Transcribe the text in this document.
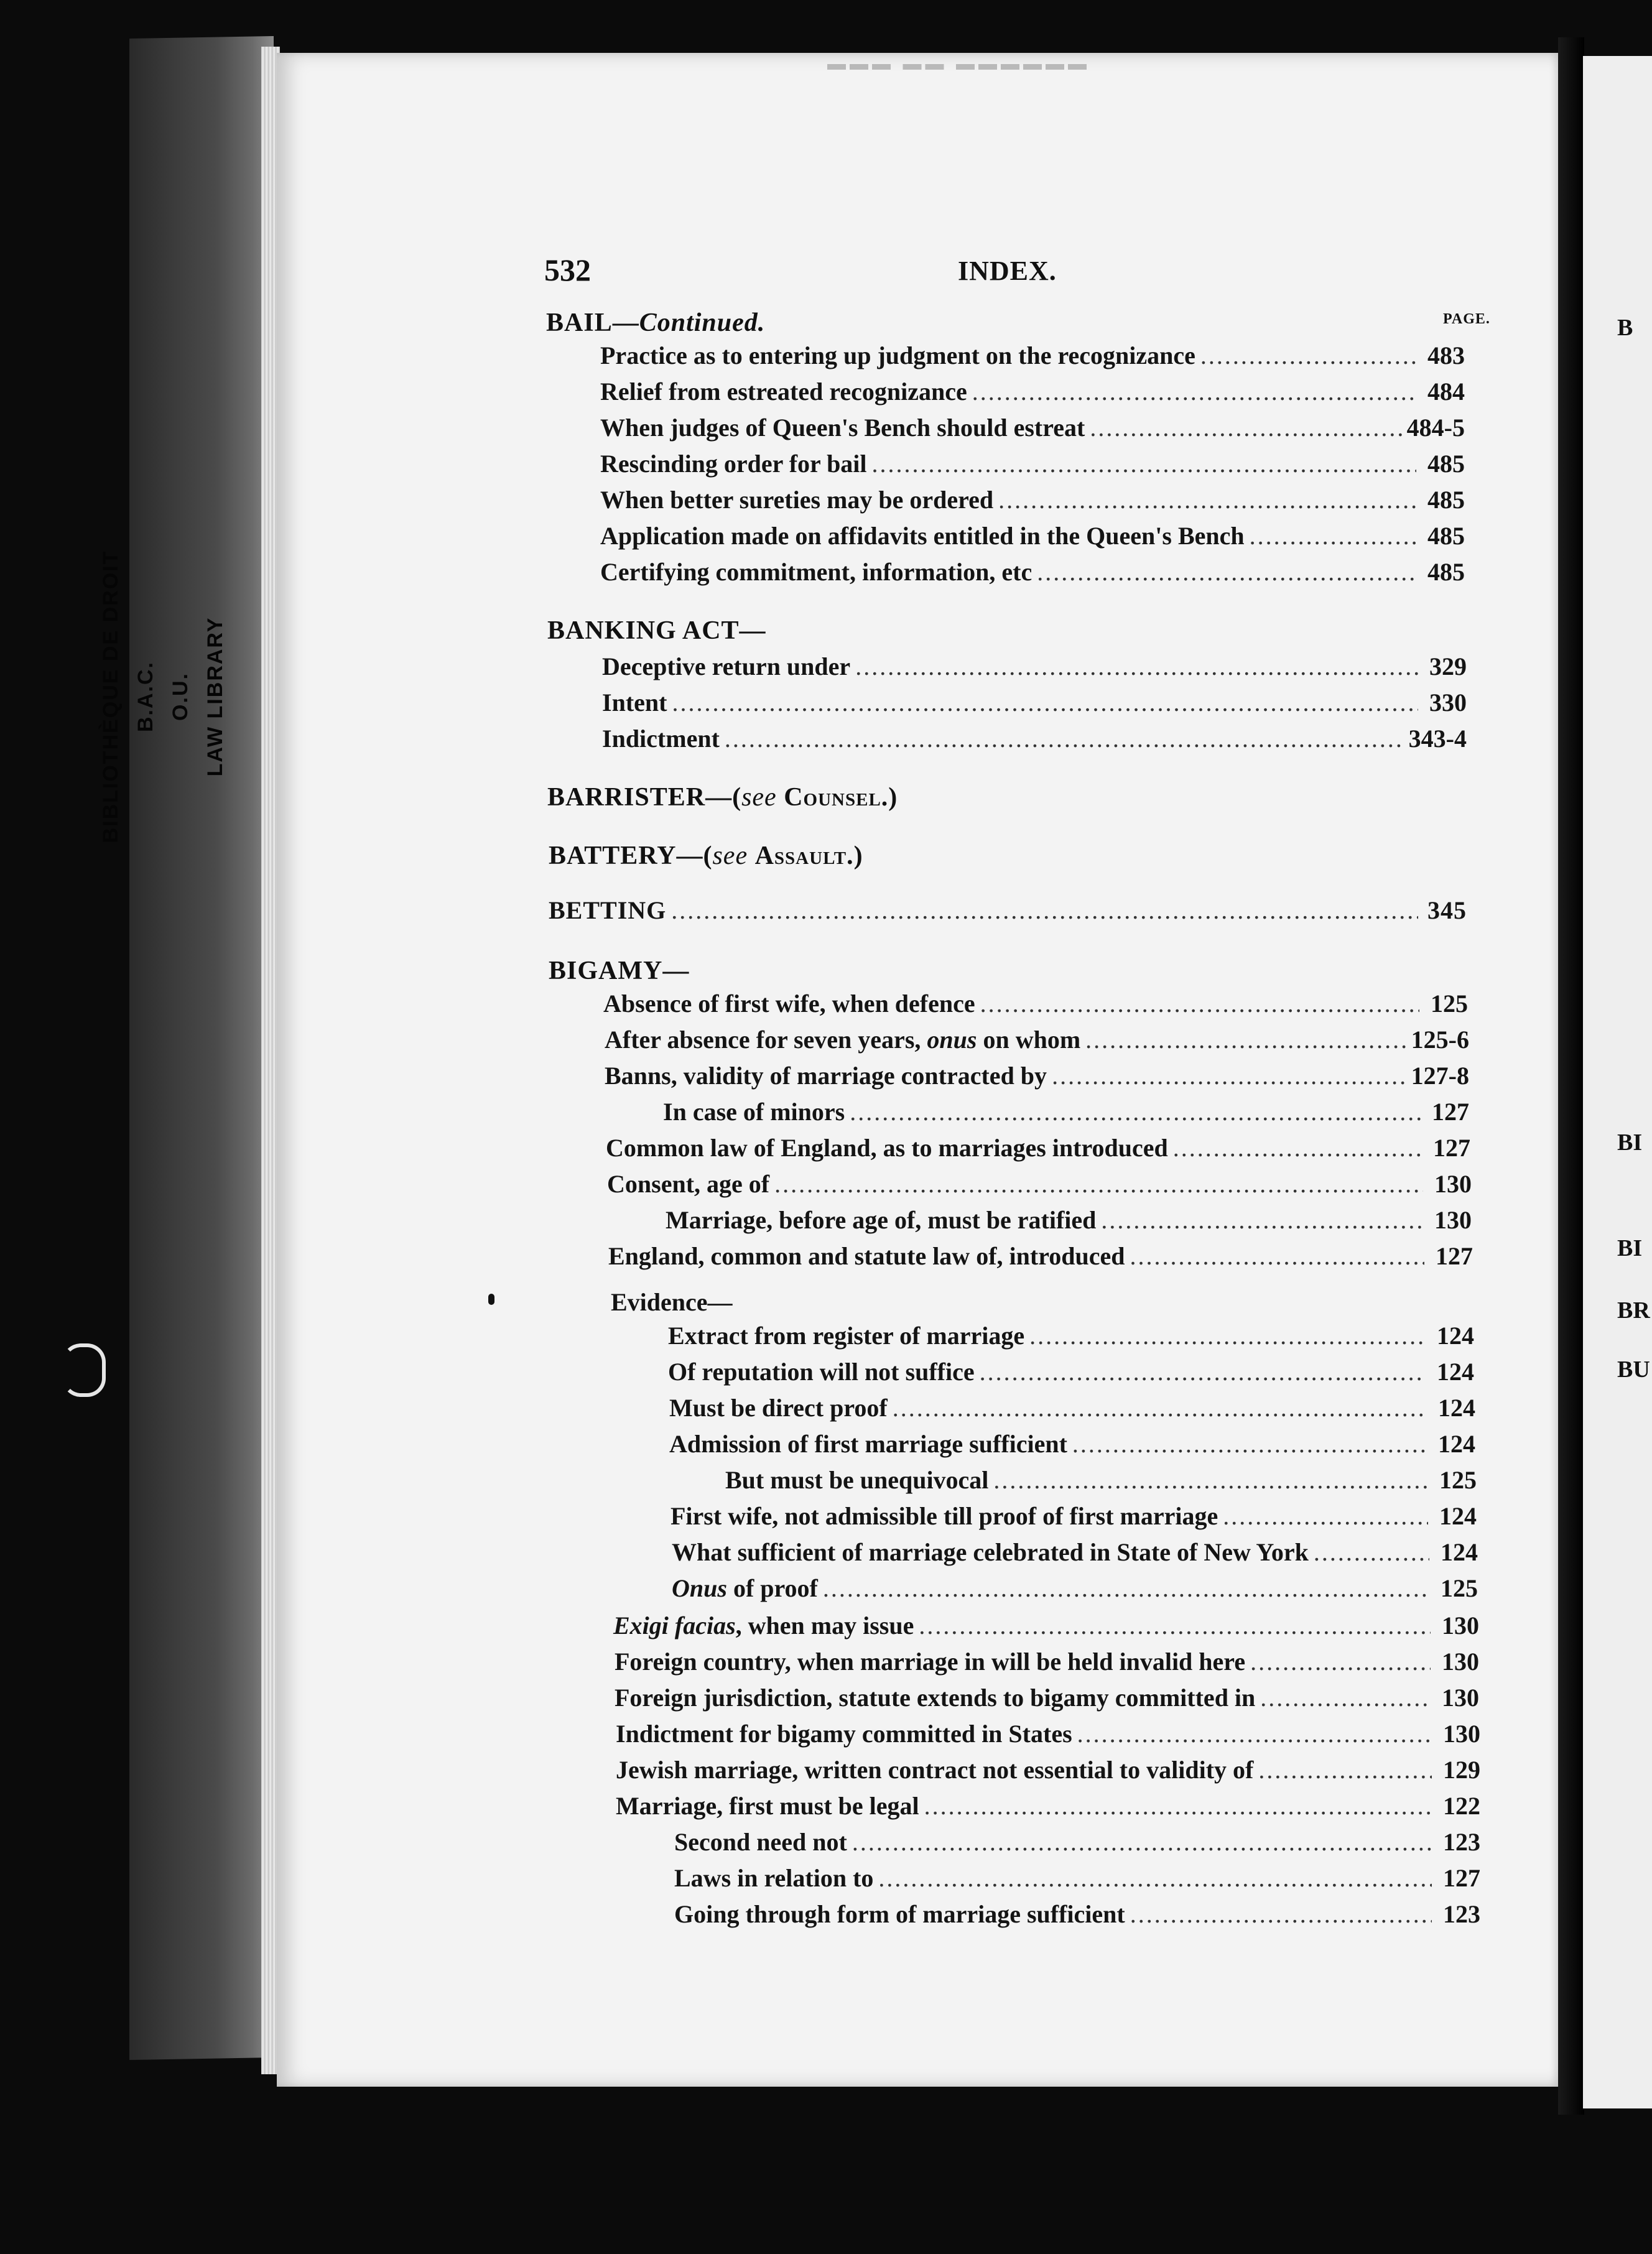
BIBLIOTHÈQUE DE DROIT B.A.C. O.U. LAW LIBRARY
▬▬▬ ▬▬ ▬▬▬▬▬▬
B
BI
BI
BR
BU
532	INDEX.
PAGE.
BAIL—Continued.
Practice as to entering up judgment on the recognizance .....	483
Relief from estreated recognizance .....	484
When judges of Queen's Bench should estreat .....	484-5
Rescinding order for bail .....	485
When better sureties may be ordered .....	485
Application made on affidavits entitled in the Queen's Bench .....	485
Certifying commitment, information, etc .....	485
BANKING ACT—
Deceptive return under .....	329
Intent .....	330
Indictment .....	343-4
BARRISTER—(see Counsel.)
BATTERY—(see Assault.)
BETTING .....	345
BIGAMY—
Absence of first wife, when defence .....	125
After absence for seven years, onus on whom .....	125-6
Banns, validity of marriage contracted by .....	127-8
In case of minors .....	127
Common law of England, as to marriages introduced .....	127
Consent, age of .....	130
Marriage, before age of, must be ratified .....	130
England, common and statute law of, introduced .....	127
Evidence—
Extract from register of marriage .....	124
Of reputation will not suffice .....	124
Must be direct proof .....	124
Admission of first marriage sufficient .....	124
But must be unequivocal .....	125
First wife, not admissible till proof of first marriage .....	124
What sufficient of marriage celebrated in State of New York .....	124
Onus of proof .....	125
Exigi facias, when may issue .....	130
Foreign country, when marriage in will be held invalid here .....	130
Foreign jurisdiction, statute extends to bigamy committed in .....	130
Indictment for bigamy committed in States .....	130
Jewish marriage, written contract not essential to validity of .....	129
Marriage, first must be legal .....	122
Second need not .....	123
Laws in relation to .....	127
Going through form of marriage sufficient .....	123
